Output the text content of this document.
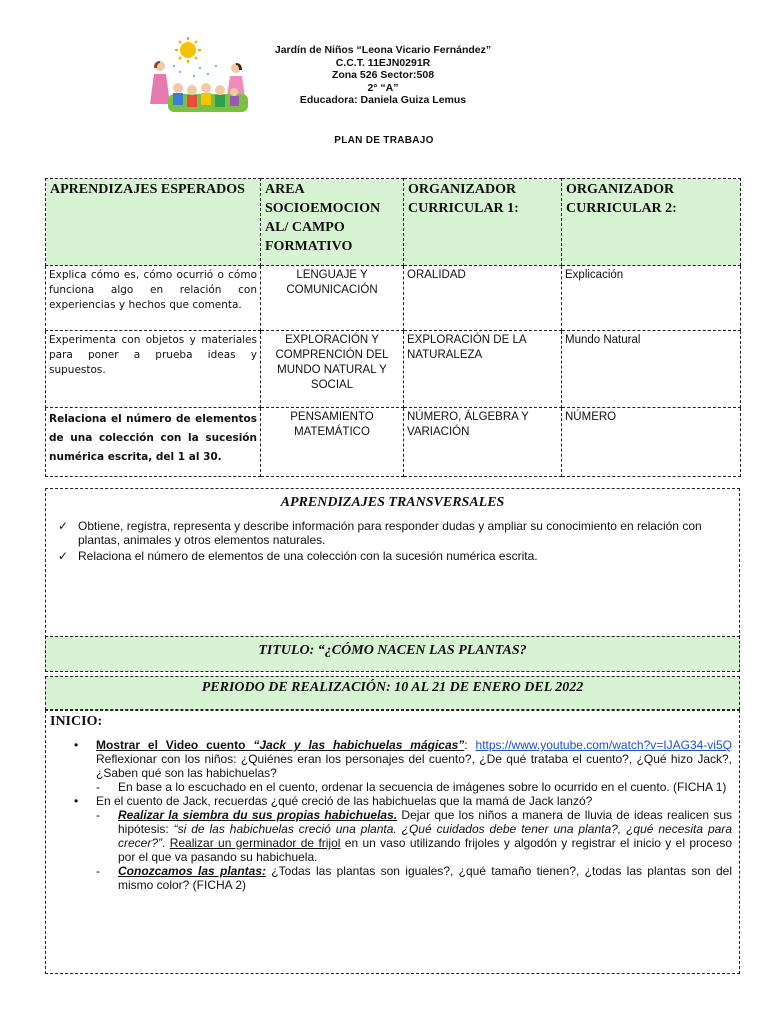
Jardín de Niños “Leona Vicario Fernández”
C.C.T. 11EJN0291R
Zona 526 Sector:508
2° “A”
Educadora: Daniela Guiza Lemus
PLAN DE TRABAJO
APRENDIZAJES ESPERADOS	AREA SOCIOEMOCION AL/ CAMPO FORMATIVO	ORGANIZADOR CURRICULAR 1:	ORGANIZADOR CURRICULAR 2:
Explica cómo es, cómo ocurrió o cómo funciona algo en relación con experiencias y hechos que comenta.	LENGUAJE Y COMUNICACIÓN	ORALIDAD	Explicación
Experimenta con objetos y materiales para poner a prueba ideas y supuestos.	EXPLORACIÓN Y COMPRENCIÓN DEL MUNDO NATURAL Y SOCIAL	EXPLORACIÓN DE LA NATURALEZA	Mundo Natural
Relaciona el número de elementos de una colección con la sucesión numérica escrita, del 1 al 30.	PENSAMIENTO MATEMÁTICO	NÚMERO, ÁLGEBRA Y VARIACIÓN	NÚMERO
APRENDIZAJES TRANSVERSALES
✓ Obtiene, registra, representa y describe información para responder dudas y ampliar su conocimiento en relación con plantas, animales y otros elementos naturales.
✓ Relaciona el número de elementos de una colección con la sucesión numérica escrita.
TITULO: “¿CÓMO NACEN LAS PLANTAS?
PERIODO DE REALIZACIÓN: 10 AL 21 DE ENERO DEL 2022
INICIO:
• Mostrar el Video cuento “Jack y las habichuelas mágicas”: https://www.youtube.com/watch?v=IJAG34-vi5Q Reflexionar con los niños: ¿Quiénes eran los personajes del cuento?, ¿De qué trataba el cuento?, ¿Qué hizo Jack?, ¿Saben qué son las habichuelas?
- En base a lo escuchado en el cuento, ordenar la secuencia de imágenes sobre lo ocurrido en el cuento. (FICHA 1)
• En el cuento de Jack, recuerdas ¿qué creció de las habichuelas que la mamá de Jack lanzó?
- Realizar la siembra du sus propias habichuelas. Dejar que los niños a manera de lluvia de ideas realicen sus hipótesis: “si de las habichuelas creció una planta. ¿Qué cuidados debe tener una planta?, ¿qué necesita para crecer?”. Realizar un germinador de frijol en un vaso utilizando frijoles y algodón y registrar el inicio y el proceso por el que va pasando su habichuela.
- Conozcamos las plantas: ¿Todas las plantas son iguales?, ¿qué tamaño tienen?, ¿todas las plantas son del mismo color? (FICHA 2)
